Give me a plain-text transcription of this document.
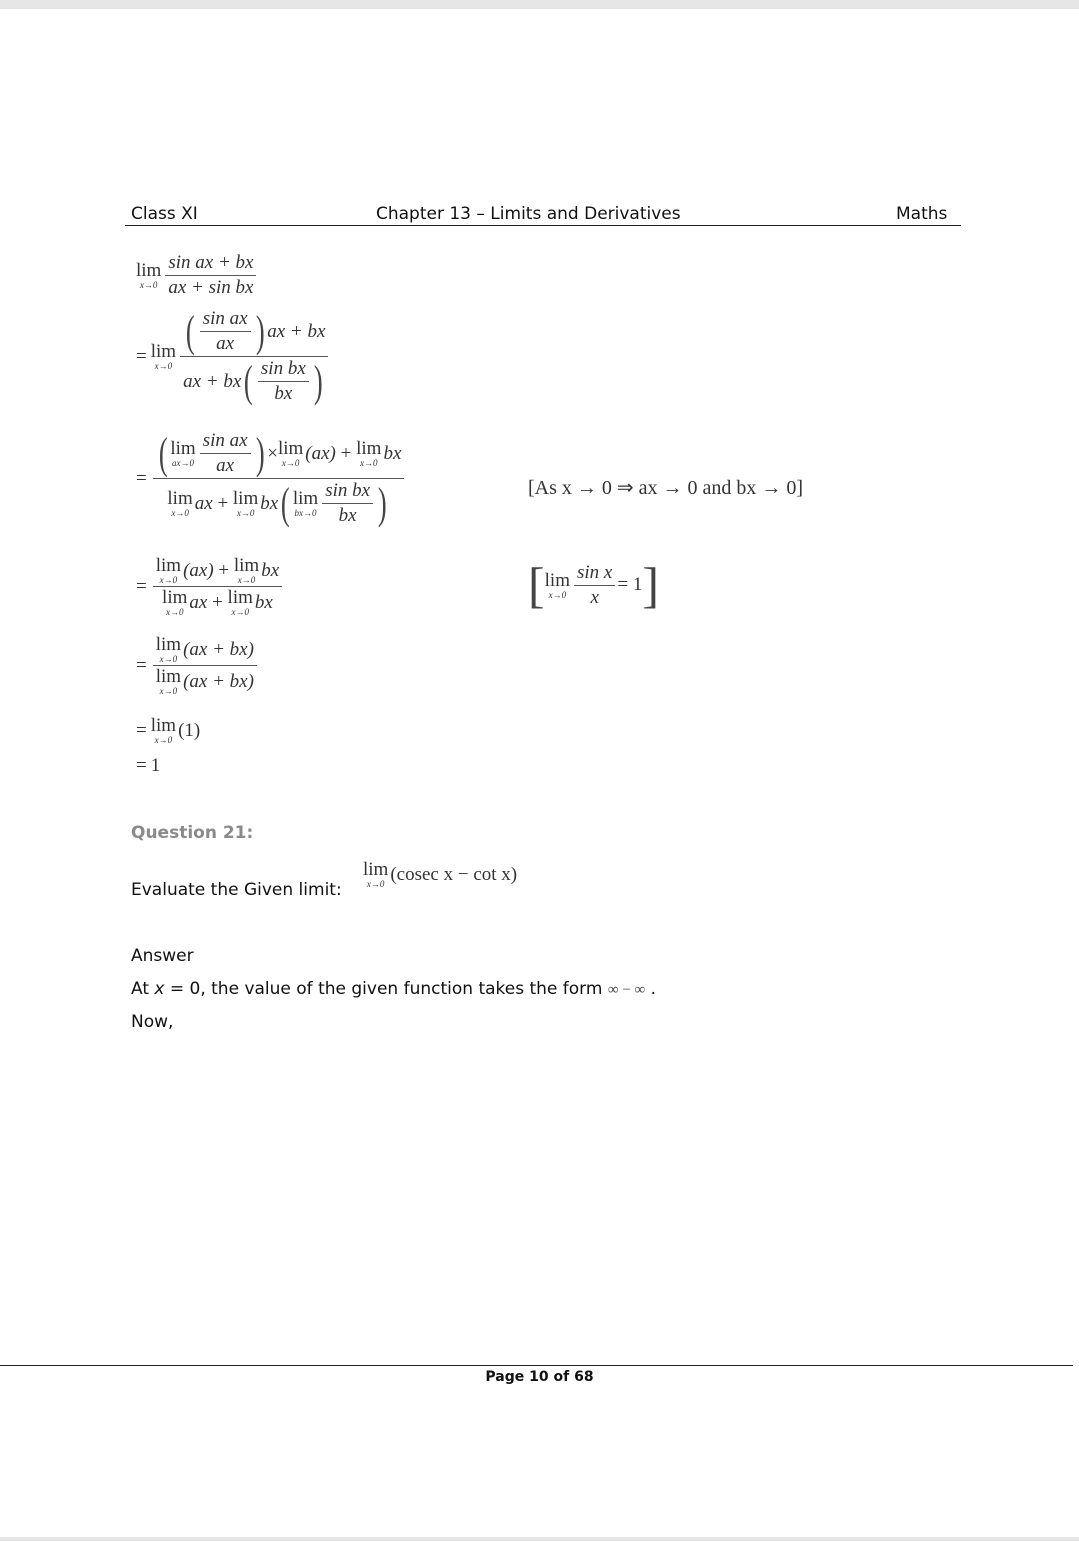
Class XI	Chapter 13 – Limits and Derivatives	Maths
lim
$x\to 0 \frac{\text{sin ax + bx}}{\text{ax + sin bx}}$
= lim
x→0 ( $\frac{\text{sin ax}}{ax}$
) ax + bx
ax + bx ( $\frac{\text{sin bx}}{bx}$
)
= ( lim
$ax\to 0 \frac{\text{sin ax}}{ax}$
) × lim
x→0 (ax) + lim
x→0 bx
lim
x→0 ax + lim
x→0 bx ( lim
$bx\to 0 \frac{\text{sin bx}}{bx}$
)	[As x → 0 ⇒ ax → 0 and bx → 0]
= lim
x→0 (ax) + lim
x→0 bx
lim
x→0 ax + lim
x→0 bx	[ lim
$x\to 0 \frac{\text{sin x}}{x} = 1$
]
= lim
x→0 (ax + bx)
lim
x→0 (ax + bx)
= lim
x→0 (1)
= 1
Question 21:
Evaluate the Given limit:
lim
x→0 (cosec x − cot x)
Answer
At x = 0, the value of the given function takes the form ∞ − ∞ .
Now,
Page 10 of 68
